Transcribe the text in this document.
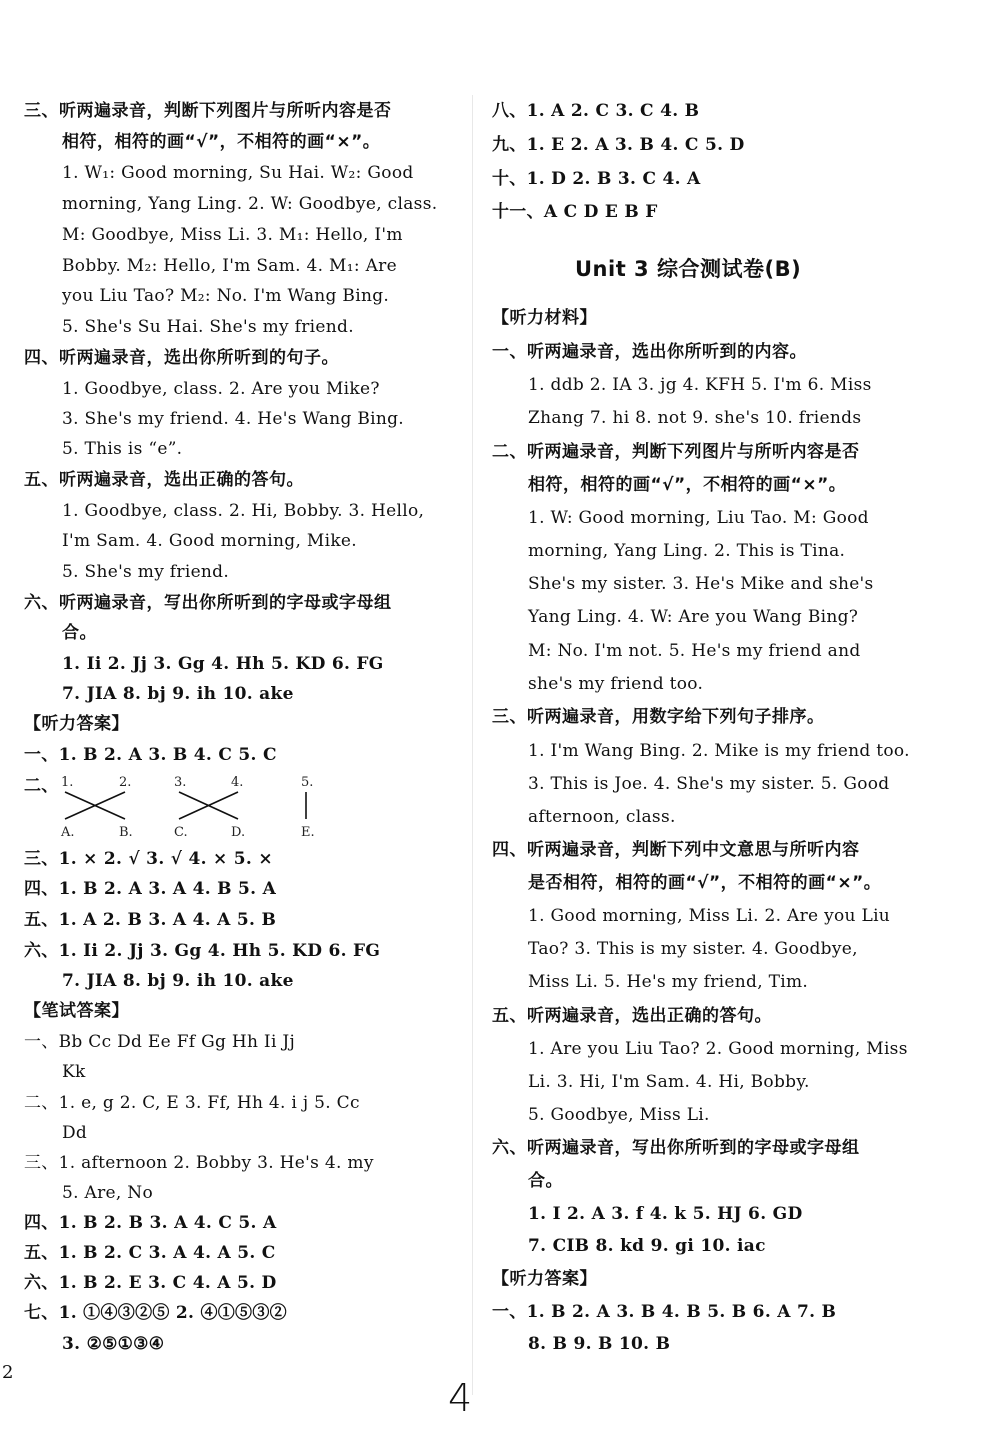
三、听两遍录音，判断下列图片与所听内容是否
相符，相符的画“√”，不相符的画“×”。
1. W₁: Good morning, Su Hai. W₂: Good
morning, Yang Ling. 2. W: Goodbye, class.
M: Goodbye, Miss Li. 3. M₁: Hello, I'm
Bobby. M₂: Hello, I'm Sam. 4. M₁: Are
you Liu Tao? M₂: No. I'm Wang Bing.
5. She's Su Hai. She's my friend.
四、听两遍录音，选出你所听到的句子。
1. Goodbye, class. 2. Are you Mike?
3. She's my friend. 4. He's Wang Bing.
5. This is “e”.
五、听两遍录音，选出正确的答句。
1. Goodbye, class. 2. Hi, Bobby. 3. Hello,
I'm Sam. 4. Good morning, Mike.
5. She's my friend.
六、听两遍录音，写出你所听到的字母或字母组
合。
1. Ii 2. Jj 3. Gg 4. Hh 5. KD 6. FG
7. JIA 8. bj 9. ih 10. ake
【听力答案】
一、1. B 2. A 3. B 4. C 5. C
二、 1.	2.	3.	4.	5.
A.	B.	C.	D.	E.
三、1. × 2. √ 3. √ 4. × 5. ×
四、1. B 2. A 3. A 4. B 5. A
五、1. A 2. B 3. A 4. A 5. B
六、1. Ii 2. Jj 3. Gg 4. Hh 5. KD 6. FG
7. JIA 8. bj 9. ih 10. ake
【笔试答案】
一、Bb Cc Dd Ee Ff Gg Hh Ii Jj
Kk
二、1. e, g 2. C, E 3. Ff, Hh 4. i j 5. Cc
Dd
三、1. afternoon 2. Bobby 3. He's 4. my
5. Are, No
四、1. B 2. B 3. A 4. C 5. A
五、1. B 2. C 3. A 4. A 5. C
六、1. B 2. E 3. C 4. A 5. D
七、1. ①④③②⑤ 2. ④①⑤③②
3. ②⑤①③④
2
八、1. A 2. C 3. C 4. B
九、1. E 2. A 3. B 4. C 5. D
十、1. D 2. B 3. C 4. A
十一、A C D E B F
Unit 3 综合测试卷(B)
【听力材料】
一、听两遍录音，选出你所听到的内容。
1. ddb 2. IA 3. jg 4. KFH 5. I'm 6. Miss
Zhang 7. hi 8. not 9. she's 10. friends
二、听两遍录音，判断下列图片与所听内容是否
相符，相符的画“√”，不相符的画“×”。
1. W: Good morning, Liu Tao. M: Good
morning, Yang Ling. 2. This is Tina.
She's my sister. 3. He's Mike and she's
Yang Ling. 4. W: Are you Wang Bing?
M: No. I'm not. 5. He's my friend and
she's my friend too.
三、听两遍录音，用数字给下列句子排序。
1. I'm Wang Bing. 2. Mike is my friend too.
3. This is Joe. 4. She's my sister. 5. Good
afternoon, class.
四、听两遍录音，判断下列中文意思与所听内容
是否相符，相符的画“√”，不相符的画“×”。
1. Good morning, Miss Li. 2. Are you Liu
Tao? 3. This is my sister. 4. Goodbye,
Miss Li. 5. He's my friend, Tim.
五、听两遍录音，选出正确的答句。
1. Are you Liu Tao? 2. Good morning, Miss
Li. 3. Hi, I'm Sam. 4. Hi, Bobby.
5. Goodbye, Miss Li.
六、听两遍录音，写出你所听到的字母或字母组
合。
1. I 2. A 3. f 4. k 5. HJ 6. GD
7. CIB 8. kd 9. gi 10. iac
【听力答案】
一、1. B 2. A 3. B 4. B 5. B 6. A 7. B
8. B 9. B 10. B
4
